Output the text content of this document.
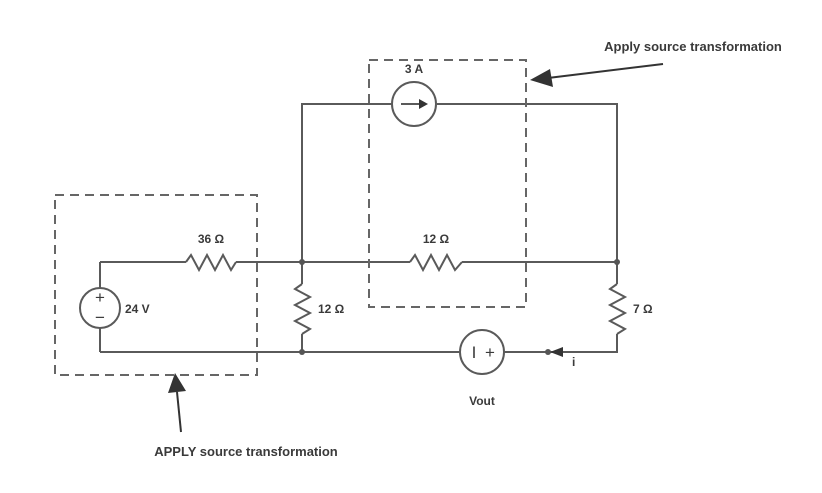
+
−
I +
3 A
36 Ω	12 Ω
12 Ω	7 Ω
24 V
Vout
i
Apply source transformation
APPLY source transformation
